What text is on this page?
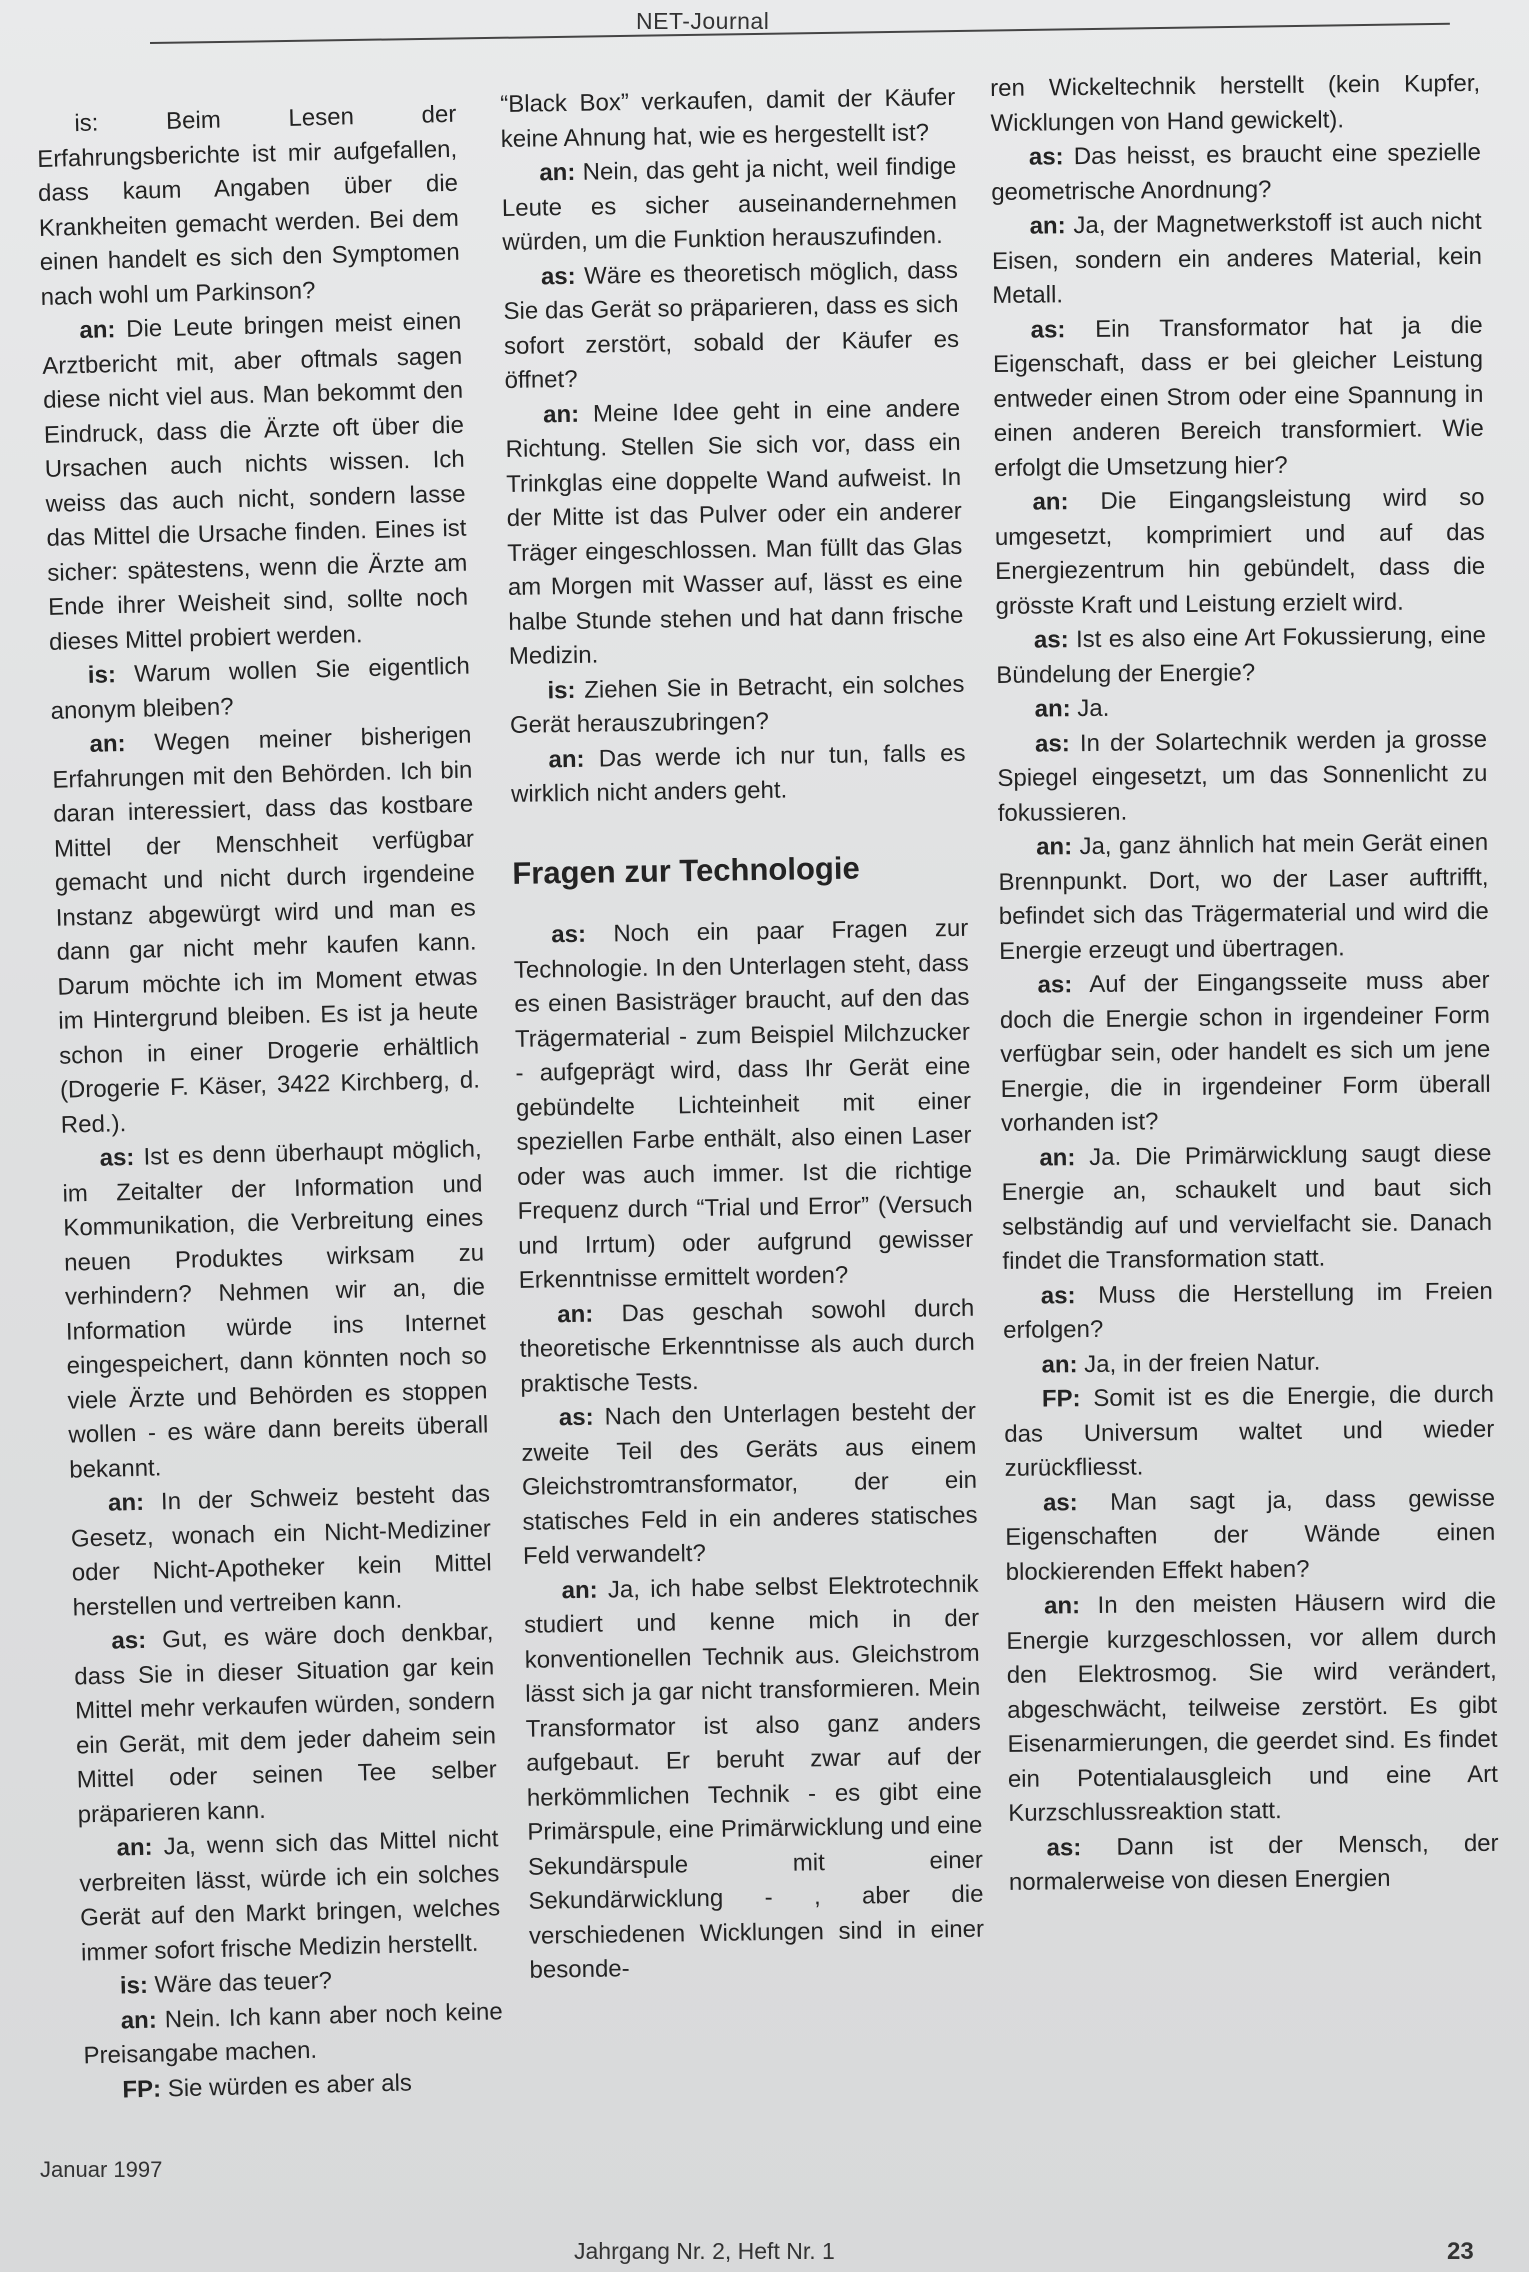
NET-Journal

is: Beim Lesen der Erfahrungsberichte ist mir aufgefallen, dass kaum Angaben über die Krankheiten gemacht werden. Bei dem einen handelt es sich den Symptomen nach wohl um Parkinson?

an: Die Leute bringen meist einen Arztbericht mit, aber oftmals sagen diese nicht viel aus. Man bekommt den Eindruck, dass die Ärzte oft über die Ursachen auch nichts wissen. Ich weiss das auch nicht, sondern lasse das Mittel die Ursache finden. Eines ist sicher: spätestens, wenn die Ärzte am Ende ihrer Weisheit sind, sollte noch dieses Mittel probiert werden.

is: Warum wollen Sie eigentlich anonym bleiben?

an: Wegen meiner bisherigen Erfahrungen mit den Behörden. Ich bin daran interessiert, dass das kostbare Mittel der Menschheit verfügbar gemacht und nicht durch irgendeine Instanz abgewürgt wird und man es dann gar nicht mehr kaufen kann. Darum möchte ich im Moment etwas im Hintergrund bleiben. Es ist ja heute schon in einer Drogerie erhältlich (Drogerie F. Käser, 3422 Kirchberg, d. Red.).

as: Ist es denn überhaupt möglich, im Zeitalter der Information und Kommunikation, die Verbreitung eines neuen Produktes wirksam zu verhindern? Nehmen wir an, die Information würde ins Internet eingespeichert, dann könnten noch so viele Ärzte und Behörden es stoppen wollen - es wäre dann bereits überall bekannt.

an: In der Schweiz besteht das Gesetz, wonach ein Nicht-Mediziner oder Nicht-Apotheker kein Mittel herstellen und vertreiben kann.

as: Gut, es wäre doch denkbar, dass Sie in dieser Situation gar kein Mittel mehr verkaufen würden, sondern ein Gerät, mit dem jeder daheim sein Mittel oder seinen Tee selber präparieren kann.

an: Ja, wenn sich das Mittel nicht verbreiten lässt, würde ich ein solches Gerät auf den Markt bringen, welches immer sofort frische Medizin herstellt.

is: Wäre das teuer?

an: Nein. Ich kann aber noch keine Preisangabe machen.

FP: Sie würden es aber als

“Black Box” verkaufen, damit der Käufer keine Ahnung hat, wie es hergestellt ist?

an: Nein, das geht ja nicht, weil findige Leute es sicher auseinandernehmen würden, um die Funktion herauszufinden.

as: Wäre es theoretisch möglich, dass Sie das Gerät so präparieren, dass es sich sofort zerstört, sobald der Käufer es öffnet?

an: Meine Idee geht in eine andere Richtung. Stellen Sie sich vor, dass ein Trinkglas eine doppelte Wand aufweist. In der Mitte ist das Pulver oder ein anderer Träger eingeschlossen. Man füllt das Glas am Morgen mit Wasser auf, lässt es eine halbe Stunde stehen und hat dann frische Medizin.

is: Ziehen Sie in Betracht, ein solches Gerät herauszubringen?

an: Das werde ich nur tun, falls es wirklich nicht anders geht.

Fragen zur Technologie

as: Noch ein paar Fragen zur Technologie. In den Unterlagen steht, dass es einen Basisträger braucht, auf den das Trägermaterial - zum Beispiel Milchzucker - aufgeprägt wird, dass Ihr Gerät eine gebündelte Lichteinheit mit einer speziellen Farbe enthält, also einen Laser oder was auch immer. Ist die richtige Frequenz durch “Trial und Error” (Versuch und Irrtum) oder aufgrund gewisser Erkenntnisse ermittelt worden?

an: Das geschah sowohl durch theoretische Erkenntnisse als auch durch praktische Tests.

as: Nach den Unterlagen besteht der zweite Teil des Geräts aus einem Gleichstromtransformator, der ein statisches Feld in ein anderes statisches Feld verwandelt?

an: Ja, ich habe selbst Elektrotechnik studiert und kenne mich in der konventionellen Technik aus. Gleichstrom lässt sich ja gar nicht transformieren. Mein Transformator ist also ganz anders aufgebaut. Er beruht zwar auf der herkömmlichen Technik - es gibt eine Primärspule, eine Primärwicklung und eine Sekundärspule mit einer Sekundärwicklung - , aber die verschiedenen Wicklungen sind in einer besonde-

ren Wickeltechnik herstellt (kein Kupfer, Wicklungen von Hand gewickelt).

as: Das heisst, es braucht eine spezielle geometrische Anordnung?

an: Ja, der Magnetwerkstoff ist auch nicht Eisen, sondern ein anderes Material, kein Metall.

as: Ein Transformator hat ja die Eigenschaft, dass er bei gleicher Leistung entweder einen Strom oder eine Spannung in einen anderen Bereich transformiert. Wie erfolgt die Umsetzung hier?

an: Die Eingangsleistung wird so umgesetzt, komprimiert und auf das Energiezentrum hin gebündelt, dass die grösste Kraft und Leistung erzielt wird.

as: Ist es also eine Art Fokussierung, eine Bündelung der Energie?

an: Ja.

as: In der Solartechnik werden ja grosse Spiegel eingesetzt, um das Sonnenlicht zu fokussieren.

an: Ja, ganz ähnlich hat mein Gerät einen Brennpunkt. Dort, wo der Laser auftrifft, befindet sich das Trägermaterial und wird die Energie erzeugt und übertragen.

as: Auf der Eingangsseite muss aber doch die Energie schon in irgendeiner Form verfügbar sein, oder handelt es sich um jene Energie, die in irgendeiner Form überall vorhanden ist?

an: Ja. Die Primärwicklung saugt diese Energie an, schaukelt und baut sich selbständig auf und vervielfacht sie. Danach findet die Transformation statt.

as: Muss die Herstellung im Freien erfolgen?

an: Ja, in der freien Natur.

FP: Somit ist es die Energie, die durch das Universum waltet und wieder zurückfliesst.

as: Man sagt ja, dass gewisse Eigenschaften der Wände einen blockierenden Effekt haben?

an: In den meisten Häusern wird die Energie kurzgeschlossen, vor allem durch den Elektrosmog. Sie wird verändert, abgeschwächt, teilweise zerstört. Es gibt Eisenarmierungen, die geerdet sind. Es findet ein Potentialausgleich und eine Art Kurzschlussreaktion statt.

as: Dann ist der Mensch, der normalerweise von diesen Energien

Januar 1997
Jahrgang Nr. 2, Heft Nr. 1	23
